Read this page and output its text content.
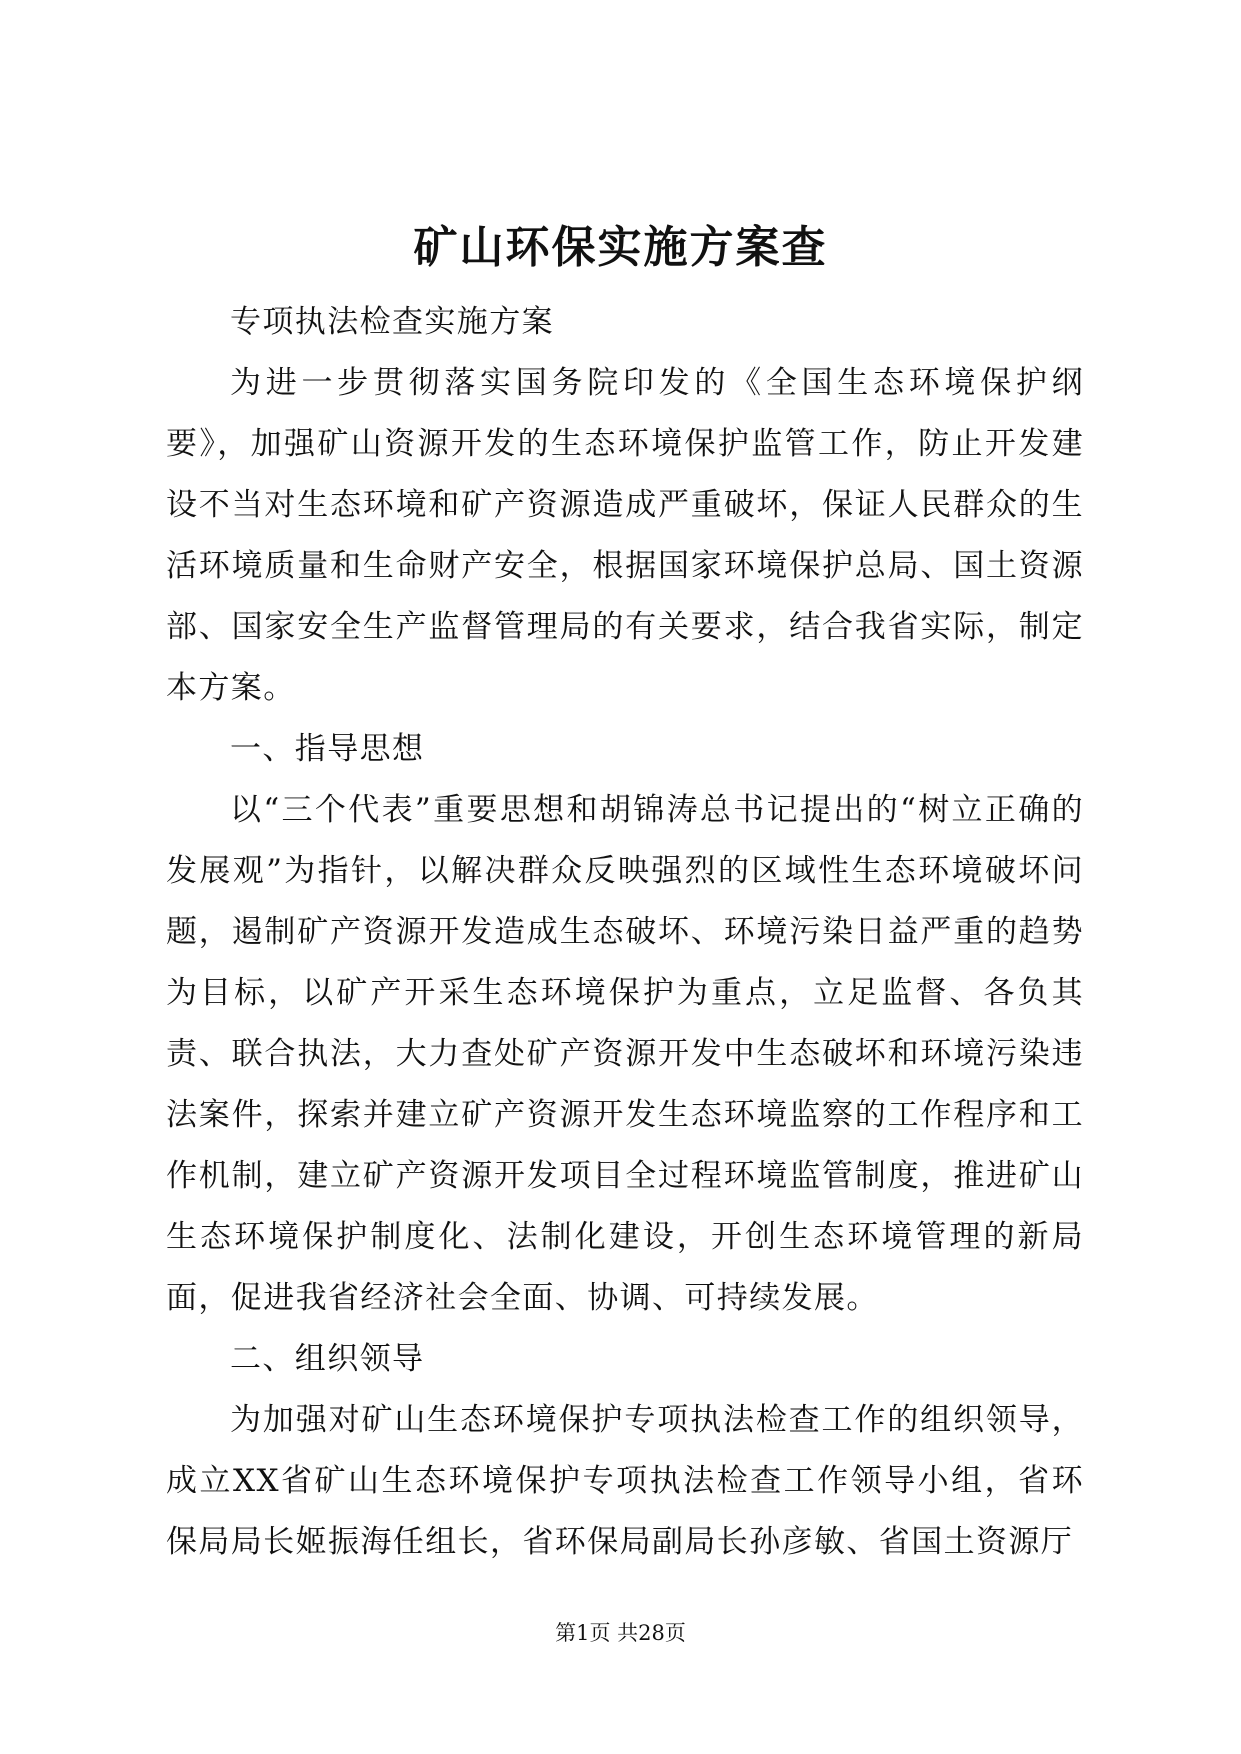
矿山环保实施方案查

专项执法检查实施方案

为进一步贯彻落实国务院印发的《全国生态环境保护纲要》，加强矿山资源开发的生态环境保护监管工作，防止开发建设不当对生态环境和矿产资源造成严重破坏，保证人民群众的生活环境质量和生命财产安全，根据国家环境保护总局、国土资源部、国家安全生产监督管理局的有关要求，结合我省实际，制定本方案。

一、指导思想

以“三个代表”重要思想和胡锦涛总书记提出的“树立正确的发展观”为指针，以解决群众反映强烈的区域性生态环境破坏问题，遏制矿产资源开发造成生态破坏、环境污染日益严重的趋势为目标，以矿产开采生态环境保护为重点，立足监督、各负其责、联合执法，大力查处矿产资源开发中生态破坏和环境污染违法案件，探索并建立矿产资源开发生态环境监察的工作程序和工作机制，建立矿产资源开发项目全过程环境监管制度，推进矿山生态环境保护制度化、法制化建设，开创生态环境管理的新局面，促进我省经济社会全面、协调、可持续发展。

二、组织领导

为加强对矿山生态环境保护专项执法检查工作的组织领导，成立XX省矿山生态环境保护专项执法检查工作领导小组，省环保局局长姬振海任组长，省环保局副局长孙彦敏、省国土资源厅

第1页 共28页
